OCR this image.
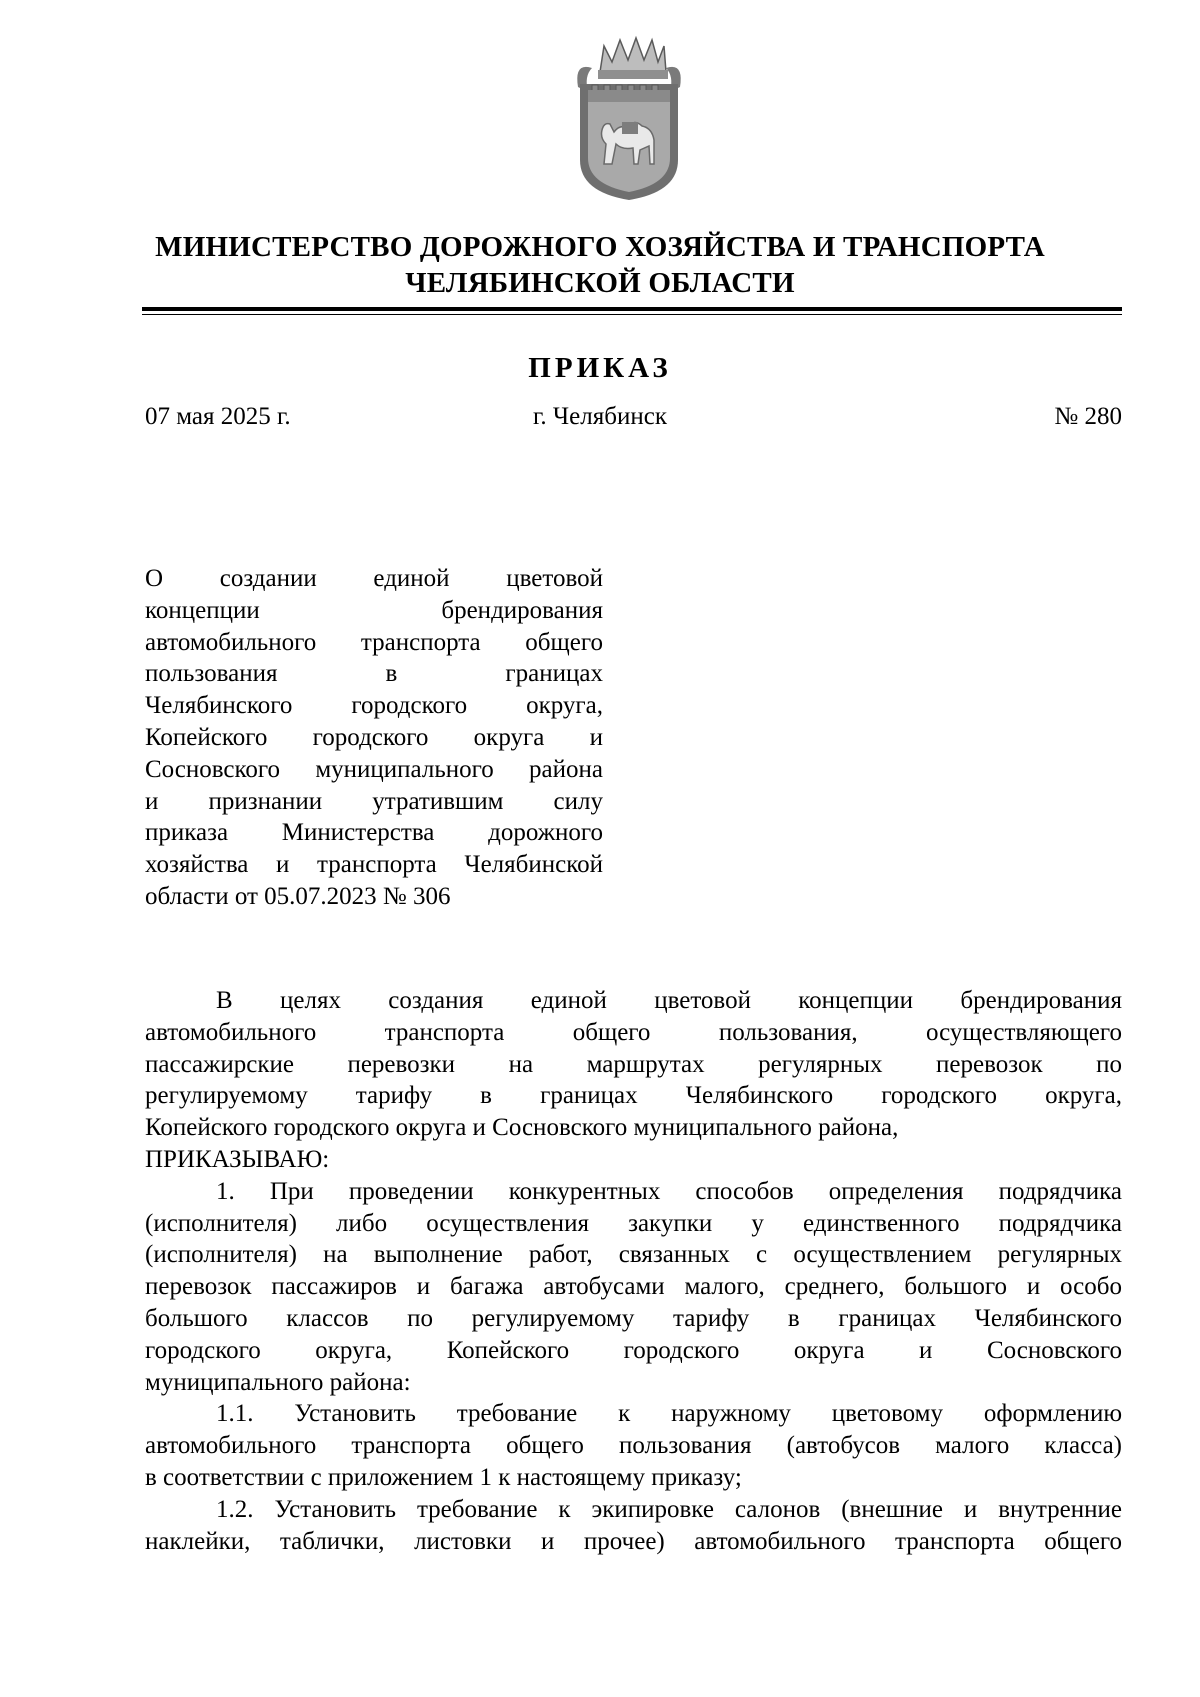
МИНИСТЕРСТВО ДОРОЖНОГО ХОЗЯЙСТВА И ТРАНСПОРТА
ЧЕЛЯБИНСКОЙ ОБЛАСТИ
ПРИКАЗ
07 мая 2025 г.	г. Челябинск	№ 280
О создании единой цветовой
концепции брендирования
автомобильного транспорта общего
пользования в границах
Челябинского городского округа,
Копейского городского округа и
Сосновского муниципального района
и признании утратившим силу
приказа Министерства дорожного
хозяйства и транспорта Челябинской
области от 05.07.2023 № 306
В целях создания единой цветовой концепции брендирования
автомобильного транспорта общего пользования, осуществляющего
пассажирские перевозки на маршрутах регулярных перевозок по
регулируемому тарифу в границах Челябинского городского округа,
Копейского городского округа и Сосновского муниципального района,
ПРИКАЗЫВАЮ:
1. При проведении конкурентных способов определения подрядчика
(исполнителя) либо осуществления закупки у единственного подрядчика
(исполнителя) на выполнение работ, связанных с осуществлением регулярных
перевозок пассажиров и багажа автобусами малого, среднего, большого и особо
большого классов по регулируемому тарифу в границах Челябинского
городского округа, Копейского городского округа и Сосновского
муниципального района:
1.1. Установить требование к наружному цветовому оформлению
автомобильного транспорта общего пользования (автобусов малого класса)
в соответствии с приложением 1 к настоящему приказу;
1.2. Установить требование к экипировке салонов (внешние и внутренние
наклейки, таблички, листовки и прочее) автомобильного транспорта общего
